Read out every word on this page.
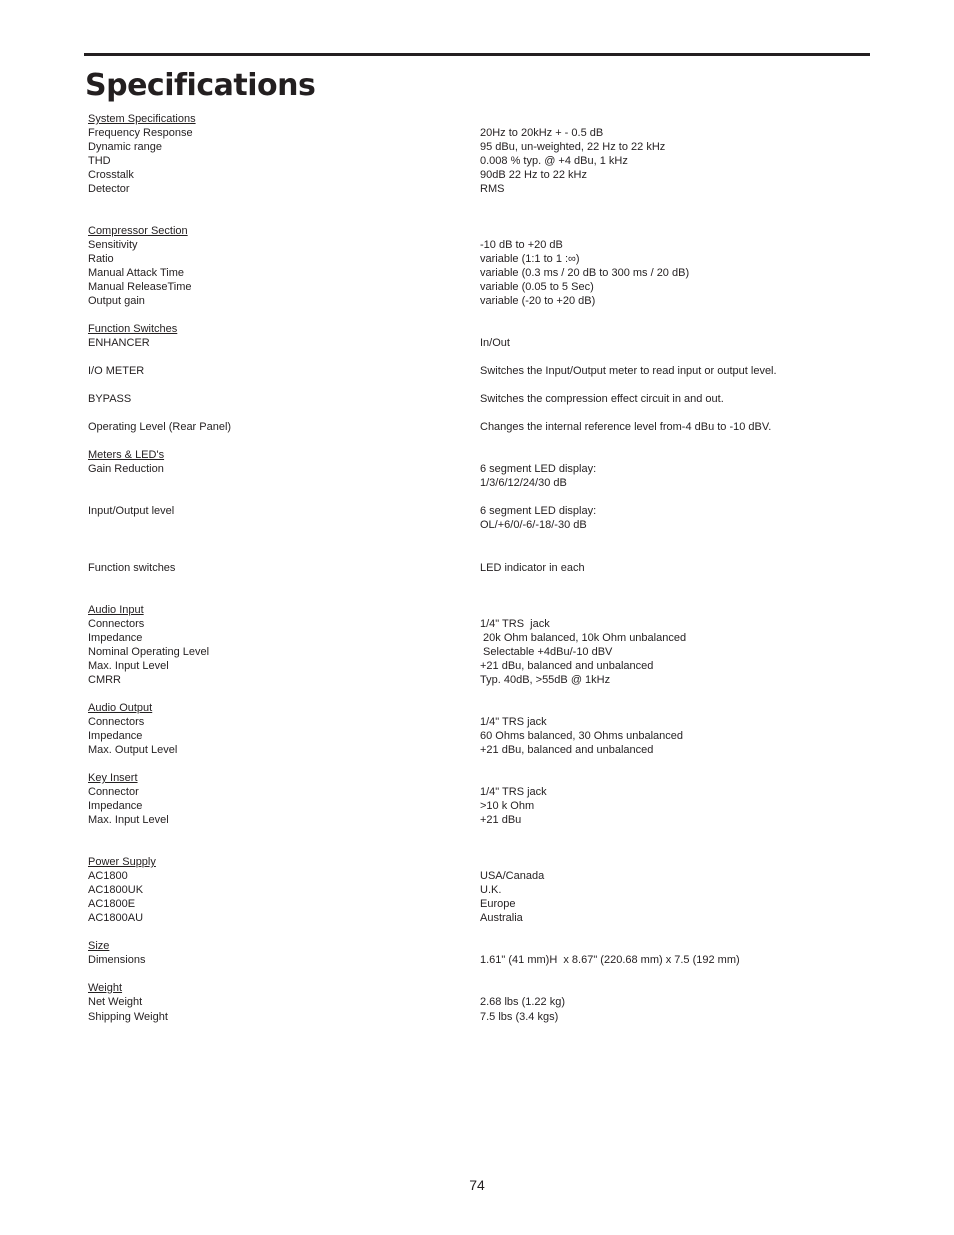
Specifications
System Specifications
Frequency Response	20Hz to 20kHz + - 0.5 dB
Dynamic range	95 dBu, un-weighted, 22 Hz to 22 kHz
THD	0.008 % typ. @ +4 dBu, 1 kHz
Crosstalk	90dB 22 Hz to 22 kHz
Detector	RMS
Compressor Section
Sensitivity	-10 dB to +20 dB
Ratio	variable (1:1 to 1 :∞)
Manual Attack Time	variable (0.3 ms / 20 dB to 300 ms / 20 dB)
Manual ReleaseTime	variable (0.05 to 5 Sec)
Output gain	variable (-20 to +20 dB)
Function Switches
ENHANCER	In/Out
I/O METER	Switches the Input/Output meter to read input or output level.
BYPASS	Switches the compression effect circuit in and out.
Operating Level (Rear Panel)	Changes the internal reference level from-4 dBu to -10 dBV.
Meters & LED's
Gain Reduction	6 segment LED display:
1/3/6/12/24/30 dB
Input/Output level	6 segment LED display:
OL/+6/0/-6/-18/-30 dB
Function switches	LED indicator in each
Audio Input
Connectors	1/4" TRS  jack
Impedance	20k Ohm balanced, 10k Ohm unbalanced
Nominal Operating Level	Selectable +4dBu/-10 dBV
Max. Input Level	+21 dBu, balanced and unbalanced
CMRR	Typ. 40dB, >55dB @ 1kHz
Audio Output
Connectors	1/4" TRS jack
Impedance	60 Ohms balanced, 30 Ohms unbalanced
Max. Output Level	+21 dBu, balanced and unbalanced
Key Insert
Connector	1/4" TRS jack
Impedance	>10 k Ohm
Max. Input Level	+21 dBu
Power Supply
AC1800	USA/Canada
AC1800UK	U.K.
AC1800E	Europe
AC1800AU	Australia
Size
Dimensions	1.61" (41 mm)H  x 8.67" (220.68 mm) x 7.5 (192 mm)
Weight
Net Weight	2.68 lbs (1.22 kg)
Shipping Weight	7.5 lbs (3.4 kgs)
74
